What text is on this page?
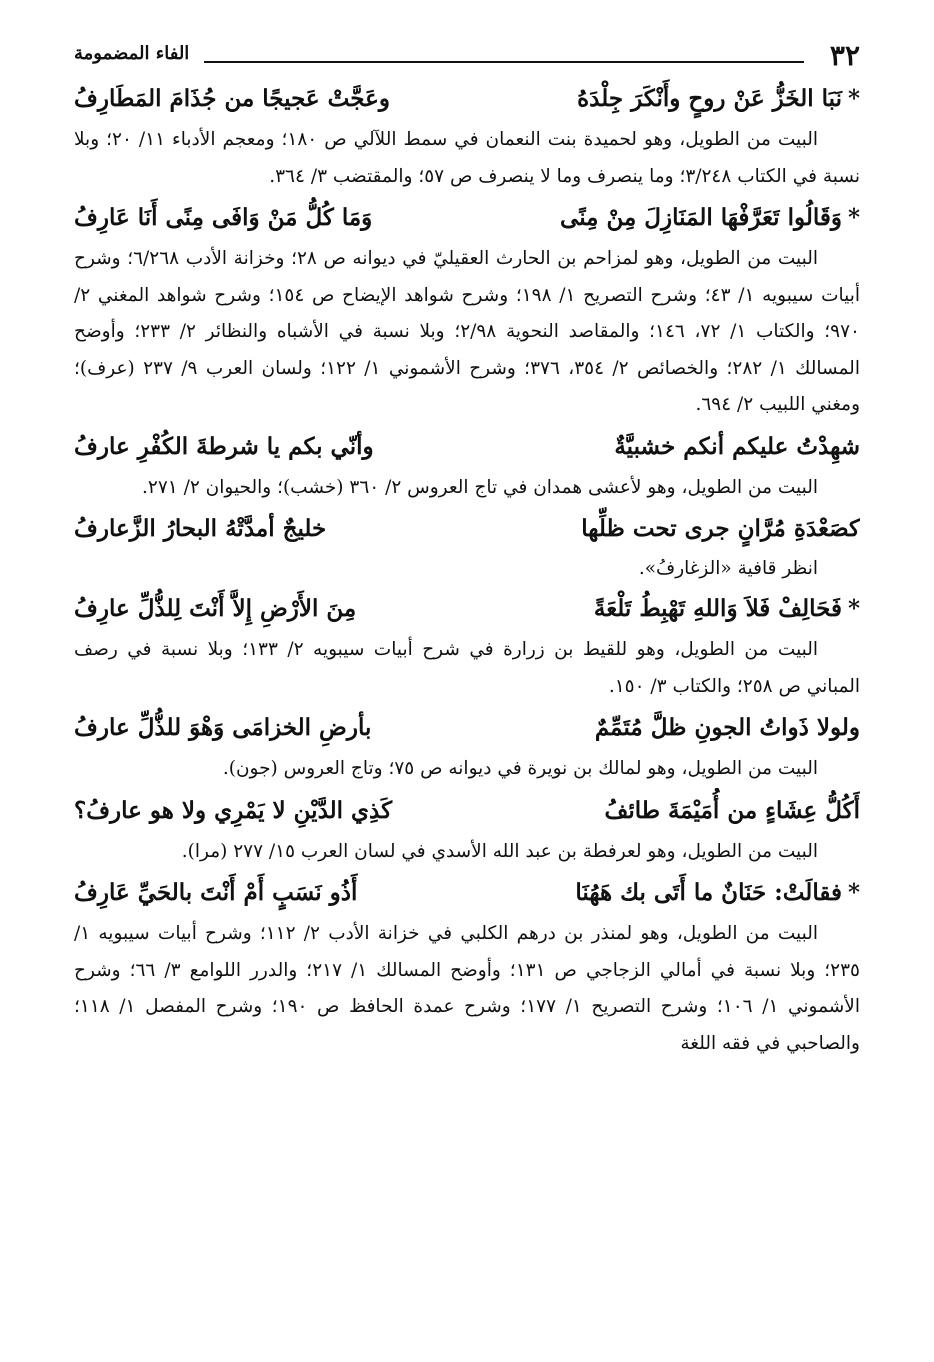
٣٢
الفاء المضمومة
*
نَبَا الخَزُّ عَنْ روحٍ وأَنْكَرَ جِلْدَهُ
وعَجَّتْ عَجيجًا من جُذَامَ المَطَارِفُ

البيت من الطويل، وهو لحميدة بنت النعمان في سمط اللآلي ص ١٨٠؛ ومعجم الأدباء ١١/ ٢٠؛ وبلا نسبة في الكتاب ٣/٢٤٨؛ وما ينصرف وما لا ينصرف ص ٥٧؛ والمقتضب ٣/ ٣٦٤.

*
وَقَالُوا تَعَرَّفْهَا المَنَازِلَ مِنْ مِنًى
وَمَا كُلُّ مَنْ وَافَى مِنًى أَنَا عَارِفُ

البيت من الطويل، وهو لمزاحم بن الحارث العقيليّ في ديوانه ص ٢٨؛ وخزانة الأدب ٦/٢٦٨؛ وشرح أبيات سيبويه ١/ ٤٣؛ وشرح التصريح ١/ ١٩٨؛ وشرح شواهد الإيضاح ص ١٥٤؛ وشرح شواهد المغني ٢/ ٩٧٠؛ والكتاب ١/ ٧٢، ١٤٦؛ والمقاصد النحوية ٢/٩٨؛ وبلا نسبة في الأشباه والنظائر ٢/ ٢٣٣؛ وأوضح المسالك ١/ ٢٨٢؛ والخصائص ٢/ ٣٥٤، ٣٧٦؛ وشرح الأشموني ١/ ١٢٢؛ ولسان العرب ٩/ ٢٣٧ (عرف)؛ ومغني اللبيب ٢/ ٦٩٤.

شهِدْتُ عليكم أنكم خشبيَّةٌ
وأنّي بكم يا شرطةَ الكُفْرِ عارفُ

البيت من الطويل، وهو لأعشى همدان في تاج العروس ٢/ ٣٦٠ (خشب)؛ والحيوان ٢/ ٢٧١.

كصَعْدَةِ مُرَّانٍ جرى تحت ظلِّها
خليجٌ أمدَّتْهُ البحارُ الزَّعارفُ

انظر قافية «الزغارفُ».

*
فَحَالِفْ فَلاَ وَاللهِ تَهْبِطُ تَلْعَةً
مِنَ الأَرْضِ إِلاَّ أَنْتَ لِلذُّلِّ عارِفُ

البيت من الطويل، وهو للقيط بن زرارة في شرح أبيات سيبويه ٢/ ١٣٣؛ وبلا نسبة في رصف المباني ص ٢٥٨؛ والكتاب ٣/ ١٥٠.

ولولا ذَواتُ الجونِ ظلَّ مُتَمِّمٌ
بأرضِ الخزامَى وَهْوَ للذُّلِّ عارفُ

البيت من الطويل، وهو لمالك بن نويرة في ديوانه ص ٧٥؛ وتاج العروس (جون).

أَكُلُّ عِشَاءٍ من أُمَيْمَةَ طائفُ
كَذِي الدَّيْنِ لا يَمْرِي ولا هو عارفُ؟

البيت من الطويل، وهو لعرفطة بن عبد الله الأسدي في لسان العرب ١٥/ ٢٧٧ (مرا).

*
فقالَتْ: حَنَانٌ ما أَتَى بك هَهُنَا
أَذُو نَسَبٍ أَمْ أَنْتَ بالحَيِّ عَارِفُ

البيت من الطويل، وهو لمنذر بن درهم الكلبي في خزانة الأدب ٢/ ١١٢؛ وشرح أبيات سيبويه ١/ ٢٣٥؛ وبلا نسبة في أمالي الزجاجي ص ١٣١؛ وأوضح المسالك ١/ ٢١٧؛ والدرر اللوامع ٣/ ٦٦؛ وشرح الأشموني ١/ ١٠٦؛ وشرح التصريح ١/ ١٧٧؛ وشرح عمدة الحافظ ص ١٩٠؛ وشرح المفصل ١/ ١١٨؛ والصاحبي في فقه اللغة
